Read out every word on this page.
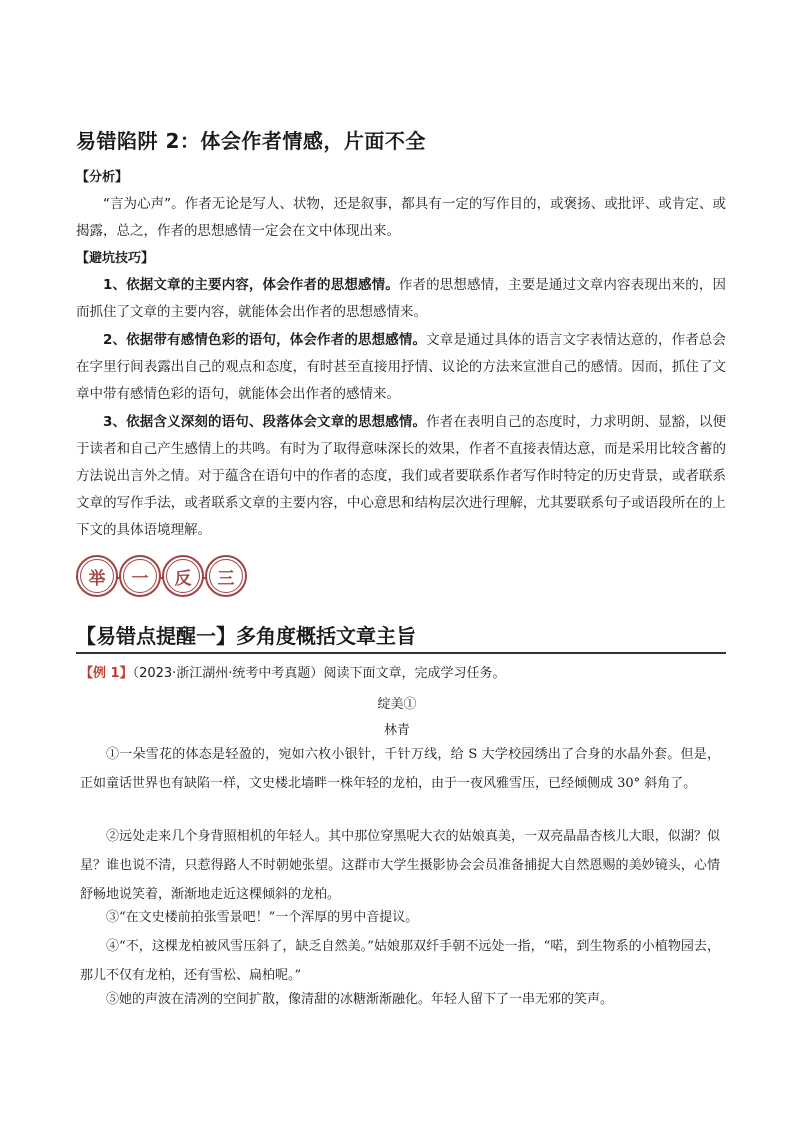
易错陷阱 2：体会作者情感，片面不全
【分析】
“言为心声”。作者无论是写人、状物，还是叙事，都具有一定的写作目的，或褒扬、或批评、或肯定、或揭露，总之，作者的思想感情一定会在文中体现出来。
【避坑技巧】
1、依据文章的主要内容，体会作者的思想感情。作者的思想感情，主要是通过文章内容表现出来的，因而抓住了文章的主要内容，就能体会出作者的思想感情来。
2、依据带有感情色彩的语句，体会作者的思想感情。文章是通过具体的语言文字表情达意的，作者总会在字里行间表露出自己的观点和态度，有时甚至直接用抒情、议论的方法来宣泄自己的感情。因而，抓住了文章中带有感情色彩的语句，就能体会出作者的感情来。
3、依据含义深刻的语句、段落体会文章的思想感情。作者在表明自己的态度时，力求明朗、显豁，以便于读者和自己产生感情上的共鸣。有时为了取得意味深长的效果，作者不直接表情达意，而是采用比较含蓄的方法说出言外之情。对于蕴含在语句中的作者的态度，我们或者要联系作者写作时特定的历史背景，或者联系文章的写作手法，或者联系文章的主要内容，中心意思和结构层次进行理解，尤其要联系句子或语段所在的上下文的具体语境理解。
举 一 反 三
【易错点提醒一】多角度概括文章主旨
【例 1】（2023·浙江湖州·统考中考真题）阅读下面文章，完成学习任务。
绽美①
林青
①一朵雪花的体态是轻盈的，宛如六枚小银针，千针万线，给 S 大学校园绣出了合身的水晶外套。但是，正如童话世界也有缺陷一样，文史楼北墙畔一株年轻的龙柏，由于一夜风雅雪压，已经倾侧成 30° 斜角了。
②远处走来几个身背照相机的年轻人。其中那位穿黑呢大衣的姑娘真美，一双亮晶晶杏核儿大眼，似湖？似星？谁也说不清，只惹得路人不时朝她张望。这群市大学生摄影协会会员准备捕捉大自然恩赐的美妙镜头，心情舒畅地说笑着，渐渐地走近这棵倾斜的龙柏。
③“在文史楼前拍张雪景吧！”一个浑厚的男中音提议。
④“不，这棵龙柏被风雪压斜了，缺乏自然美。”姑娘那双纤手朝不远处一指，“喏，到生物系的小植物园去，那儿不仅有龙柏，还有雪松、扁柏呢。”
⑤她的声波在清冽的空间扩散，像清甜的冰糖渐渐融化。年轻人留下了一串无邪的笑声。
